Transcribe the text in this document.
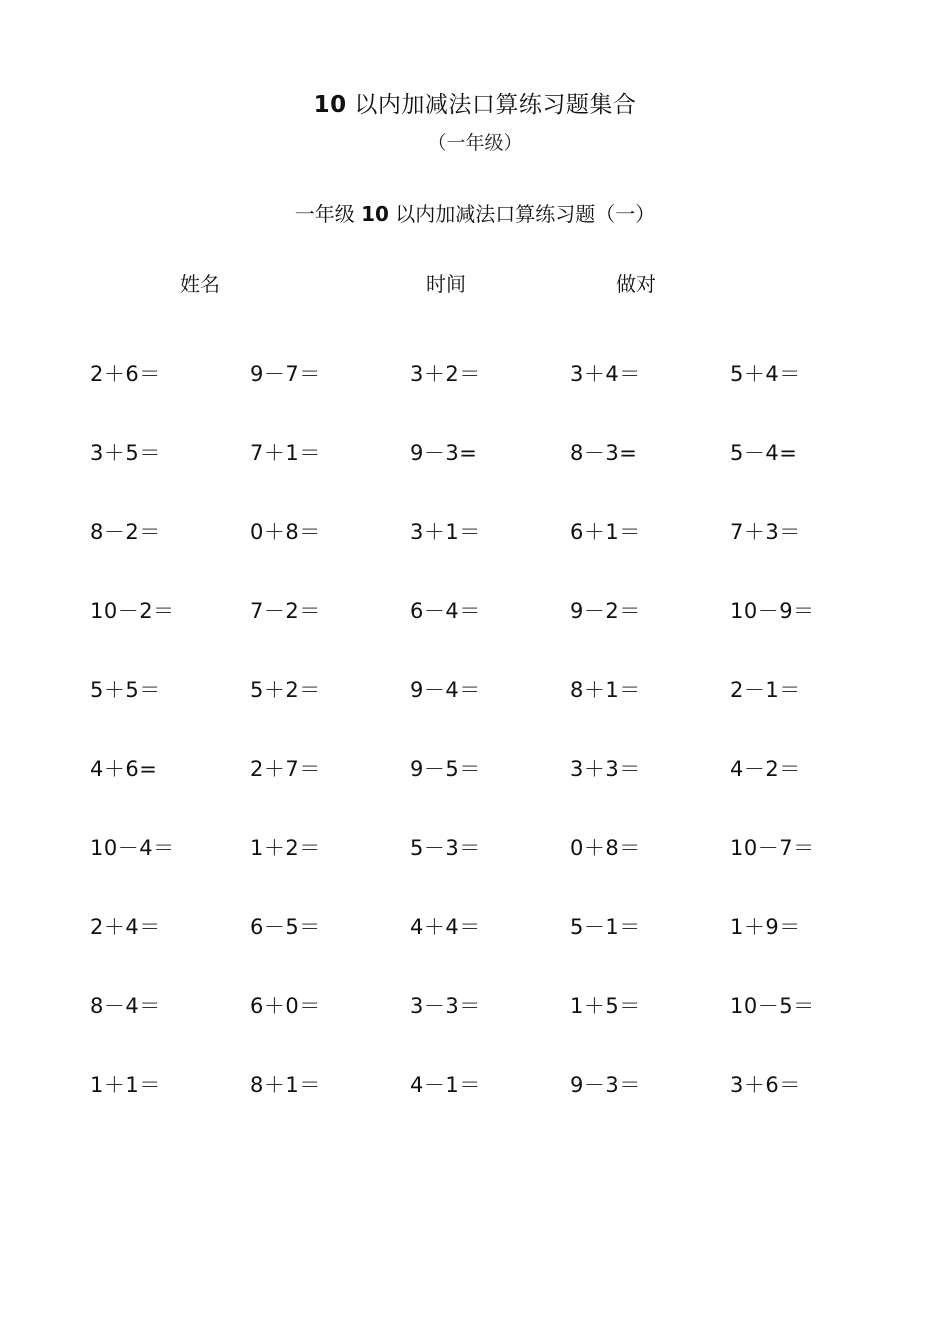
10 以内加减法口算练习题集合
（一年级）
一年级 10 以内加减法口算练习题（一）
姓名	时间	做对
2＋6＝	9－7＝	3＋2＝	3＋4＝	5＋4＝
3＋5＝	7＋1＝	9－3=	8－3=	5－4=
8－2＝	0＋8＝	3＋1＝	6＋1＝	7＋3＝
10－2＝	7－2＝	6－4＝	9－2＝	10－9＝
5＋5＝	5＋2＝	9－4＝	8＋1＝	2－1＝
4＋6=	2＋7＝	9－5＝	3＋3＝	4－2＝
10－4＝	1＋2＝	5－3＝	0＋8＝	10－7＝
2＋4＝	6－5＝	4＋4＝	5－1＝	1＋9＝
8－4＝	6＋0＝	3－3＝	1＋5＝	10－5＝
1＋1＝	8＋1＝	4－1＝	9－3＝	3＋6＝
